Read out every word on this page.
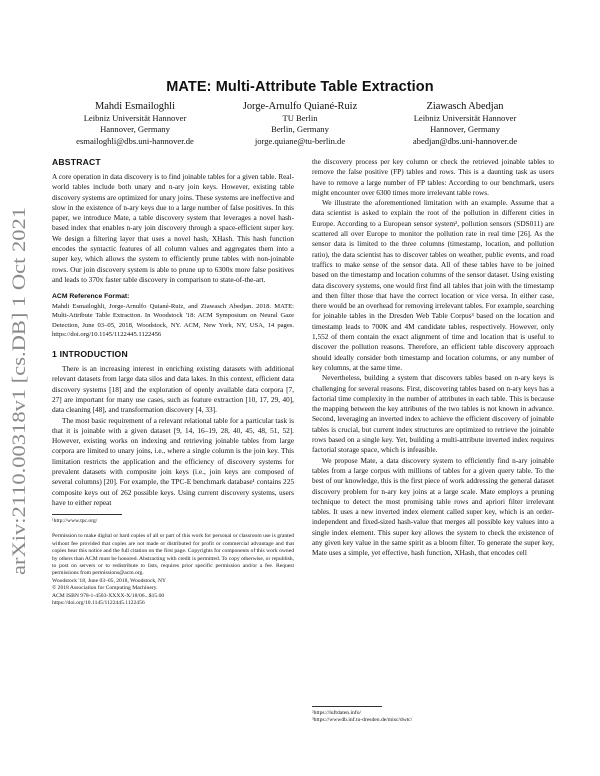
arXiv:2110.00318v1 [cs.DB] 1 Oct 2021
MATE: Multi-Attribute Table Extraction
Mahdi Esmailoghli
Leibniz Universität Hannover
Hannover, Germany
esmailoghli@dbs.uni-hannover.de
Jorge-Arnulfo Quiané-Ruiz
TU Berlin
Berlin, Germany
jorge.quiane@tu-berlin.de
Ziawasch Abedjan
Leibniz Universität Hannover
Hannover, Germany
abedjan@dbs.uni-hannover.de
ABSTRACT

A core operation in data discovery is to find joinable tables for a given table. Real-world tables include both unary and n-ary join keys. However, existing table discovery systems are optimized for unary joins. These systems are ineffective and slow in the existence of n-ary keys due to a large number of false positives. In this paper, we introduce Mate, a table discovery system that leverages a novel hash-based index that enables n-ary join discovery through a space-efficient super key. We design a filtering layer that uses a novel hash, XHash. This hash function encodes the syntactic features of all column values and aggregates them into a super key, which allows the system to efficiently prune tables with non-joinable rows. Our join discovery system is able to prune up to 6300x more false positives and leads to 370x faster table discovery in comparison to state-of-the-art.

ACM Reference Format:

Mahdi Esmailoghli, Jorge-Arnulfo Quiané-Ruiz, and Ziawasch Abedjan. 2018. MATE: Multi-Attribute Table Extraction. In Woodstock '18: ACM Symposium on Neural Gaze Detection, June 03–05, 2018, Woodstock, NY. ACM, New York, NY, USA, 14 pages. https://doi.org/10.1145/1122445.1122456

1 INTRODUCTION

There is an increasing interest in enriching existing datasets with additional relevant datasets from large data silos and data lakes. In this context, efficient data discovery systems [18] and the exploration of openly available data corpora [7, 27] are important for many use cases, such as feature extraction [10, 17, 29, 40], data cleaning [48], and transformation discovery [4, 33].

The most basic requirement of a relevant relational table for a particular task is that it is joinable with a given dataset [9, 14, 16–19, 28, 40, 45, 48, 51, 52]. However, existing works on indexing and retrieving joinable tables from large corpora are limited to unary joins, i.e., where a single column is the join key. This limitation restricts the application and the efficiency of discovery systems for prevalent datasets with composite join keys (i.e., join keys are composed of several columns) [20]. For example, the TPC-E benchmark database¹ contains 225 composite keys out of 262 possible keys. Using current discovery systems, users have to either repeat

¹http://www.tpc.org/

Permission to make digital or hard copies of all or part of this work for personal or classroom use is granted without fee provided that copies are not made or distributed for profit or commercial advantage and that copies bear this notice and the full citation on the first page. Copyrights for components of this work owned by others than ACM must be honored. Abstracting with credit is permitted. To copy otherwise, or republish, to post on servers or to redistribute to lists, requires prior specific permission and/or a fee. Request permissions from permissions@acm.org.

Woodstock '18, June 03–05, 2018, Woodstock, NY

© 2018 Association for Computing Machinery.

ACM ISBN 978-1-4503-XXXX-X/18/06...$15.00

https://doi.org/10.1145/1122445.1122456

the discovery process per key column or check the retrieved joinable tables to remove the false positive (FP) tables and rows. This is a daunting task as users have to remove a large number of FP tables: According to our benchmark, users might encounter over 6300 times more irrelevant table rows.

We illustrate the aforementioned limitation with an example. Assume that a data scientist is asked to explain the root of the pollution in different cities in Europe. According to a European sensor system², pollution sensors (SDS011) are scattered all over Europe to monitor the pollution rate in real time [26]. As the sensor data is limited to the three columns (timestamp, location, and pollution ratio), the data scientist has to discover tables on weather, public events, and road traffics to make sense of the sensor data. All of these tables have to be joined based on the timestamp and location columns of the sensor dataset. Using existing data discovery systems, one would first find all tables that join with the timestamp and then filter those that have the correct location or vice versa. In either case, there would be an overhead for removing irrelevant tables. For example, searching for joinable tables in the Dresden Web Table Corpus³ based on the location and timestamp leads to 700K and 4M candidate tables, respectively. However, only 1,552 of them contain the exact alignment of time and location that is useful to discover the pollution reasons. Therefore, an efficient table discovery approach should ideally consider both timestamp and location columns, or any number of key columns, at the same time.

Nevertheless, building a system that discovers tables based on n-ary keys is challenging for several reasons. First, discovering tables based on n-ary keys has a factorial time complexity in the number of attributes in each table. This is because the mapping between the key attributes of the two tables is not known in advance. Second, leveraging an inverted index to achieve the efficient discovery of joinable tables is crucial, but current index structures are optimized to retrieve the joinable rows based on a single key. Yet, building a multi-attribute inverted index requires factorial storage space, which is infeasible.

We propose Mate, a data discovery system to efficiently find n-ary joinable tables from a large corpus with millions of tables for a given query table. To the best of our knowledge, this is the first piece of work addressing the general dataset discovery problem for n-ary key joins at a large scale. Mate employs a pruning technique to detect the most promising table rows and apriori filter irrelevant tables. It uses a new inverted index element called super key, which is an order-independent and fixed-sized hash-value that merges all possible key values into a single index element. This super key allows the system to check the existence of any given key value in the same spirit as a bloom filter. To generate the super key, Mate uses a simple, yet effective, hash function, XHash, that encodes cell

²https://luftdaten.info/

³https://wwwdb.inf.tu-dresden.de/misc/dwtc/
